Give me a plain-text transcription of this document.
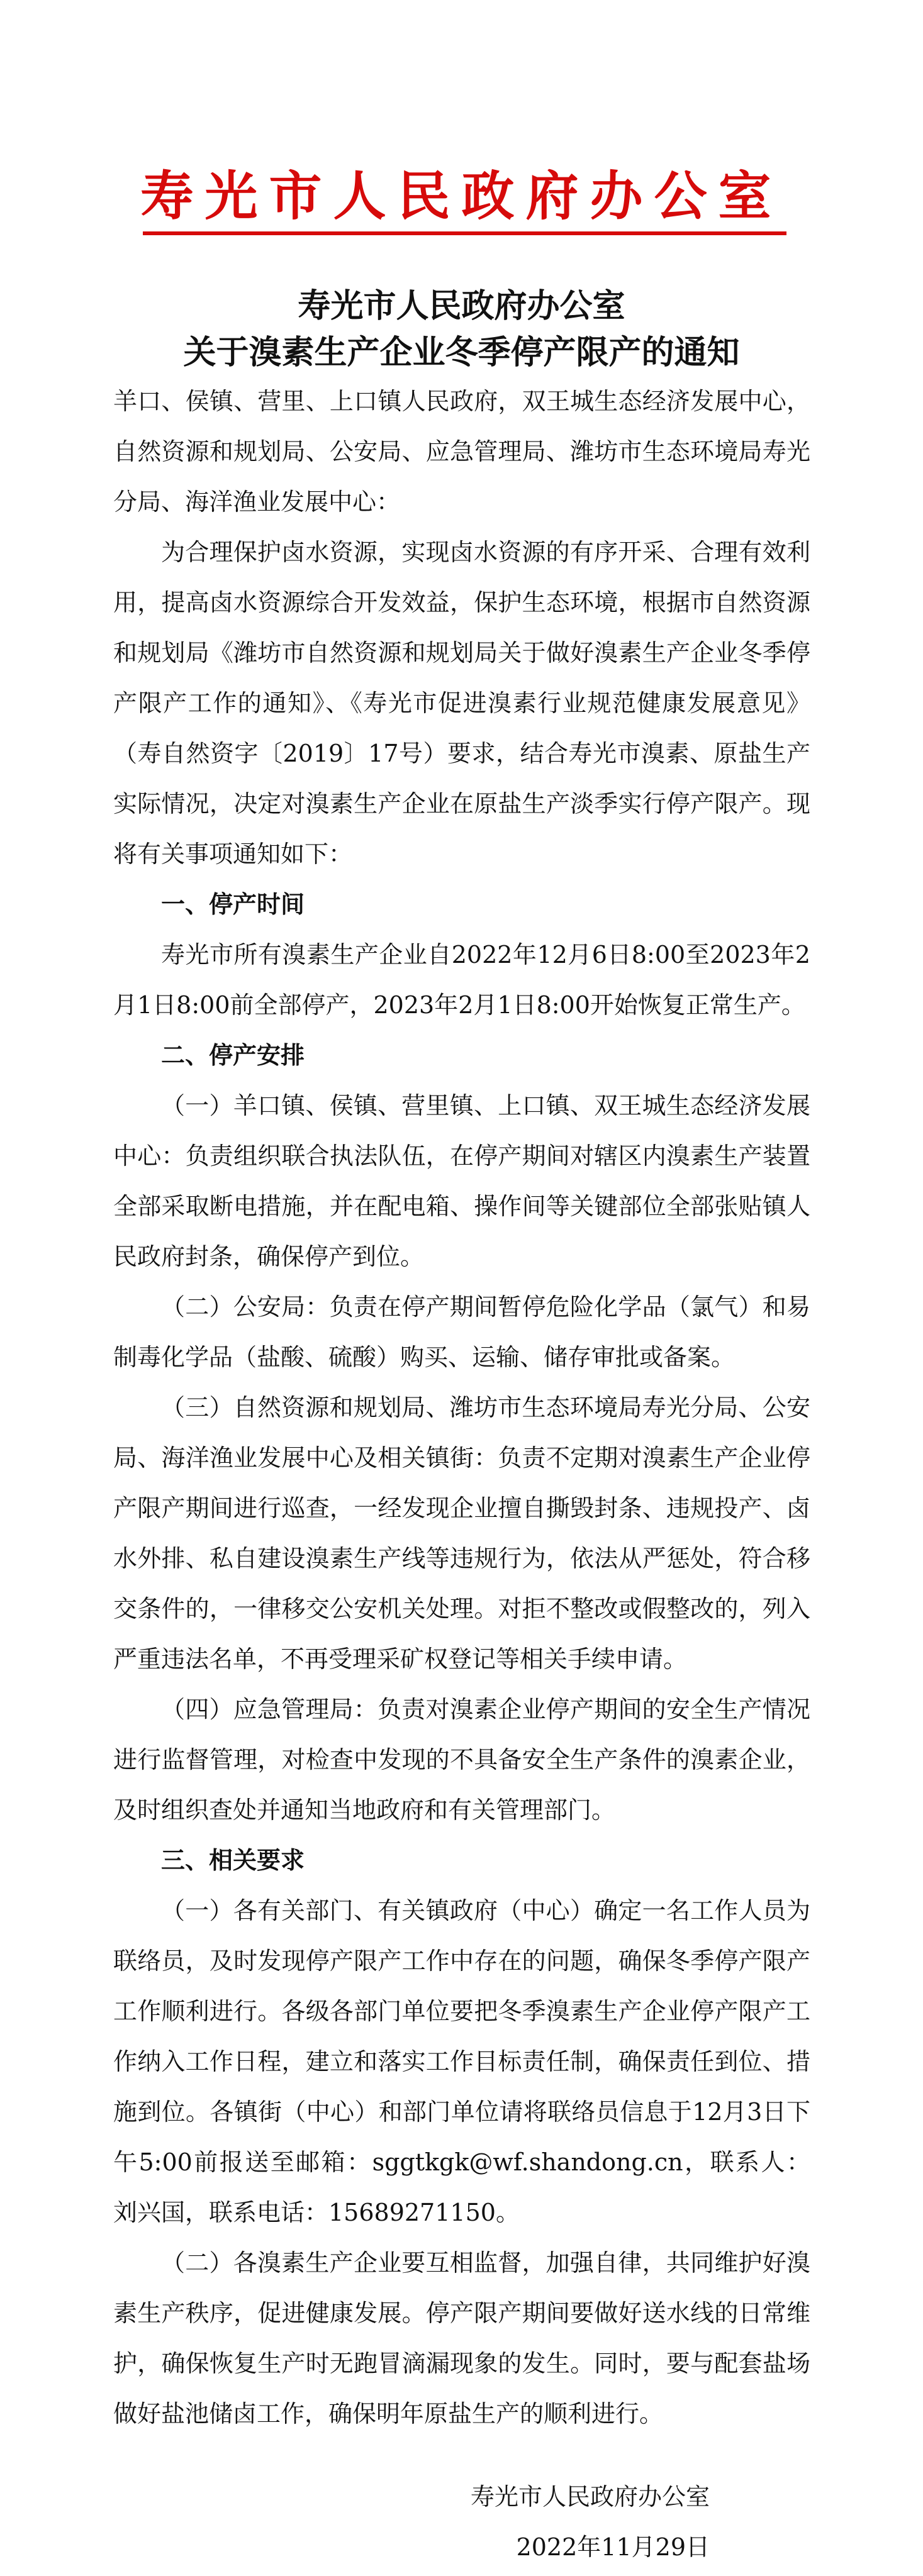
寿光市人民政府办公室
寿光市人民政府办公室
关于溴素生产企业冬季停产限产的通知

羊口、侯镇、营里、上口镇人民政府，双王城生态经济发展中心，自然资源和规划局、公安局、应急管理局、潍坊市生态环境局寿光分局、海洋渔业发展中心：

为合理保护卤水资源，实现卤水资源的有序开采、合理有效利用，提高卤水资源综合开发效益，保护生态环境，根据市自然资源和规划局《潍坊市自然资源和规划局关于做好溴素生产企业冬季停产限产工作的通知》、《寿光市促进溴素行业规范健康发展意见》（寿自然资字〔2019〕17号）要求，结合寿光市溴素、原盐生产实际情况，决定对溴素生产企业在原盐生产淡季实行停产限产。现将有关事项通知如下：

一、停产时间

寿光市所有溴素生产企业自2022年12月6日8:00至2023年2月1日8:00前全部停产，2023年2月1日8:00开始恢复正常生产。

二、停产安排

（一）羊口镇、侯镇、营里镇、上口镇、双王城生态经济发展中心：负责组织联合执法队伍，在停产期间对辖区内溴素生产装置全部采取断电措施，并在配电箱、操作间等关键部位全部张贴镇人民政府封条，确保停产到位。

（二）公安局：负责在停产期间暂停危险化学品（氯气）和易制毒化学品（盐酸、硫酸）购买、运输、储存审批或备案。

（三）自然资源和规划局、潍坊市生态环境局寿光分局、公安局、海洋渔业发展中心及相关镇街：负责不定期对溴素生产企业停产限产期间进行巡查，一经发现企业擅自撕毁封条、违规投产、卤水外排、私自建设溴素生产线等违规行为，依法从严惩处，符合移交条件的，一律移交公安机关处理。对拒不整改或假整改的，列入严重违法名单，不再受理采矿权登记等相关手续申请。

（四）应急管理局：负责对溴素企业停产期间的安全生产情况进行监督管理，对检查中发现的不具备安全生产条件的溴素企业，及时组织查处并通知当地政府和有关管理部门。

三、相关要求

（一）各有关部门、有关镇政府（中心）确定一名工作人员为联络员，及时发现停产限产工作中存在的问题，确保冬季停产限产工作顺利进行。各级各部门单位要把冬季溴素生产企业停产限产工作纳入工作日程，建立和落实工作目标责任制，确保责任到位、措施到位。各镇街（中心）和部门单位请将联络员信息于12月3日下午5:00前报送至邮箱：sggtkgk@wf.shandong.cn，联系人：刘兴国，联系电话：15689271150。

（二）各溴素生产企业要互相监督，加强自律，共同维护好溴素生产秩序，促进健康发展。停产限产期间要做好送水线的日常维护，确保恢复生产时无跑冒滴漏现象的发生。同时，要与配套盐场做好盐池储卤工作，确保明年原盐生产的顺利进行。

寿光市人民政府办公室
2022年11月29日
